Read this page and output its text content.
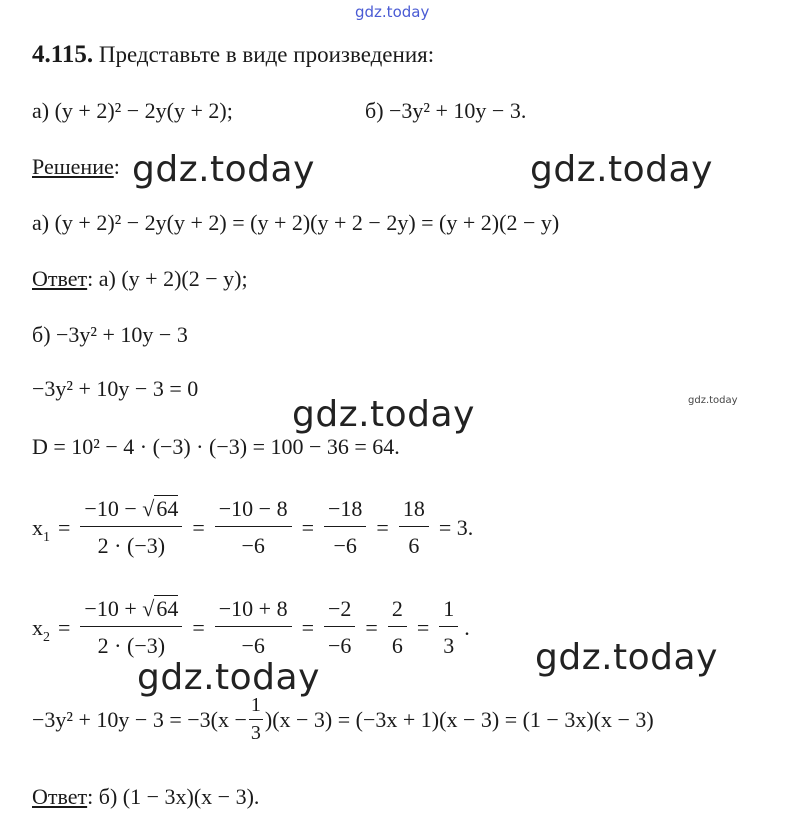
gdz.today
gdz.today	gdz.today
gdz.today	gdz.today
gdz.today
gdz.today
4.115. Представьте в виде произведения:
а) (y + 2)² − 2y(y + 2);	б) −3y² + 10y − 3.
Решение:
а) (y + 2)² − 2y(y + 2) = (y + 2)(y + 2 − 2y) = (y + 2)(2 − y)
Ответ: а) (y + 2)(2 − y);
б) −3y² + 10y − 3
−3y² + 10y − 3 = 0
D = 10² − 4 · (−3) · (−3) = 100 − 36 = 64.
$x_1 = \frac{-10 - √64}{2 \cdot (-3)} = \frac{-10 - 8}{-6} = \frac{-18}{-6} = \frac{18}{6} = 3$.
$x_2 = \frac{-10 + √64}{2 \cdot (-3)} = \frac{-10 + 8}{-6} = \frac{-2}{-6} = \frac{2}{6} = \frac{1}{3}$ .
$-3y^2 + 10y - 3 = -3(x - \frac{1}{3} )(x - 3) = (-3x + 1)(x - 3) = (1 - 3x)(x - 3)$
Ответ: б) (1 − 3x)(x − 3).
